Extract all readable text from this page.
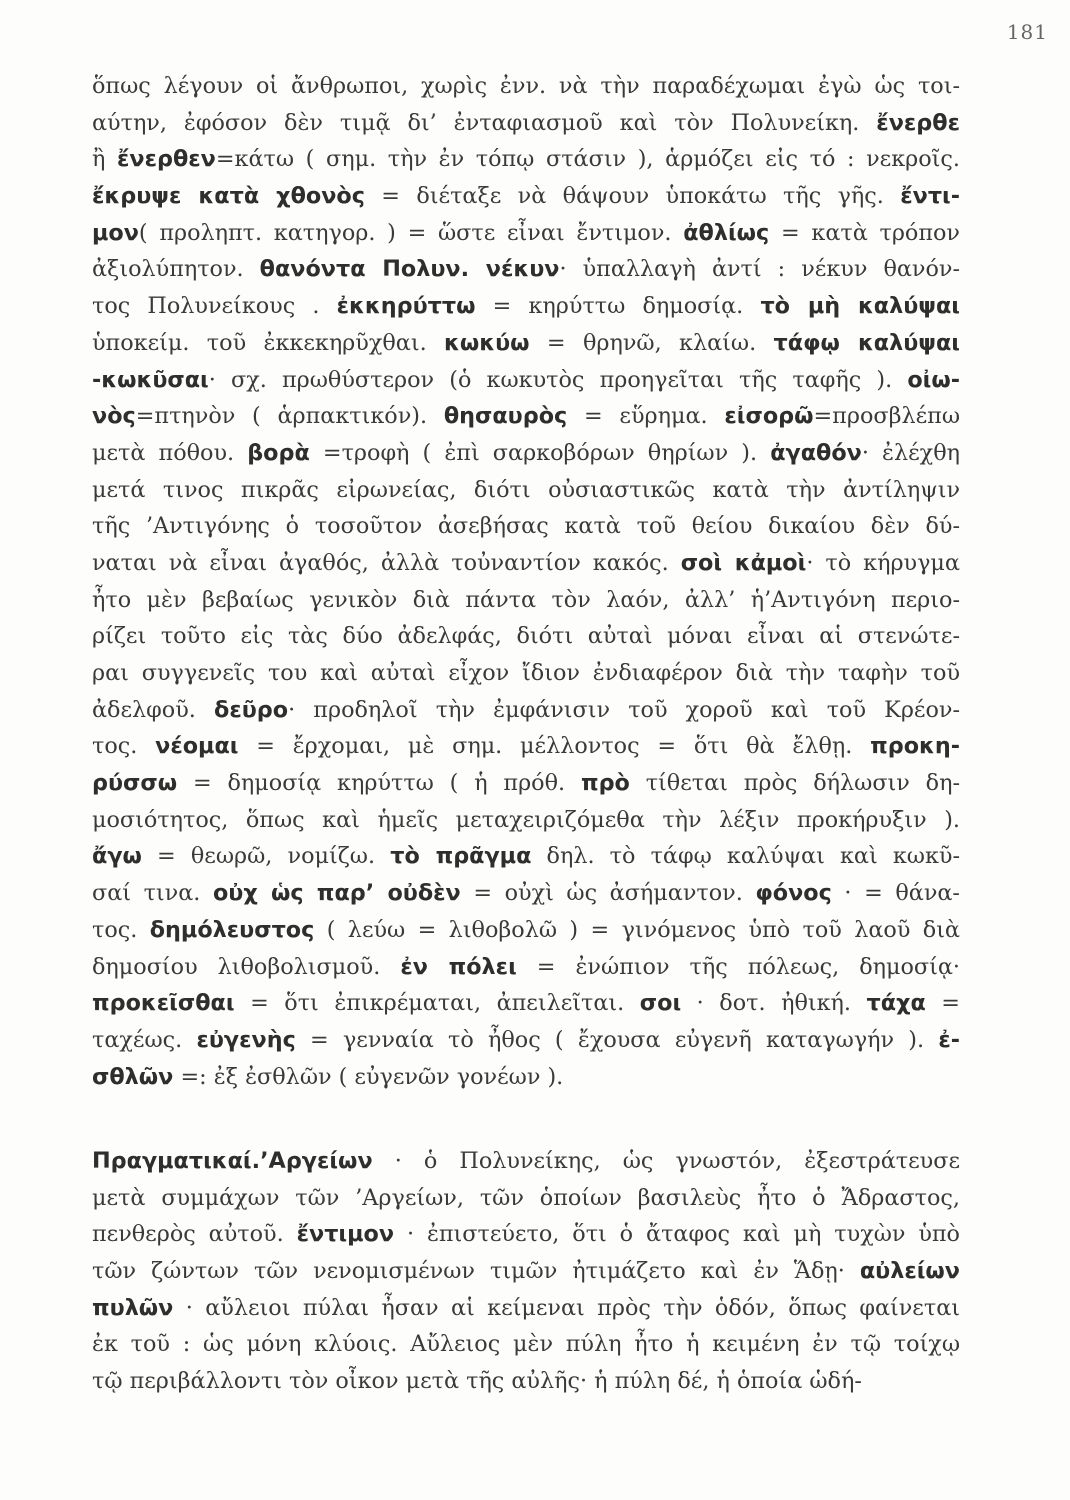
181
ὅπως λέγουν οἱ ἄνθρωποι, χωρὶς ἐνν. νὰ τὴν παραδέχωμαι ἐγὼ ὡς τοι-
αύτην, ἐφόσον δὲν τιμᾷ δι’ ἐνταφιασμοῦ καὶ τὸν Πολυνείκη. ἔνερθε
ἢ ἔνερθεν=κάτω ( σημ. τὴν ἐν τόπῳ στάσιν ), ἁρμόζει εἰς τό : νεκροῖς.
ἔκρυψε κατὰ χθονὸς = διέταξε νὰ θάψουν ὑποκάτω τῆς γῆς. ἔντι-
μον( προληπτ. κατηγορ. ) = ὥστε εἶναι ἔντιμον. ἀθλίως = κατὰ τρόπον
ἀξιολύπητον. θανόντα Πολυν. νέκυν· ὑπαλλαγὴ ἀντί : νέκυν θανόν-
τος Πολυνείκους . ἐκκηρύττω = κηρύττω δημοσίᾳ. τὸ μὴ καλύψαι
ὑποκείμ. τοῦ ἐκκεκηρῦχθαι. κωκύω = θρηνῶ, κλαίω. τάφῳ καλύψαι
-κωκῦσαι· σχ. πρωθύστερον (ὁ κωκυτὸς προηγεῖται τῆς ταφῆς ). οἰω-
νὸς=πτηνὸν ( ἁρπακτικόν). θησαυρὸς = εὕρημα. εἰσορῶ=προσβλέπω
μετὰ πόθου. βορὰ =τροφὴ ( ἐπὶ σαρκοβόρων θηρίων ). ἀγαθόν· ἐλέχθη
μετά τινος πικρᾶς εἰρωνείας, διότι οὐσιαστικῶς κατὰ τὴν ἀντίληψιν
τῆς ’Αντιγόνης ὁ τοσοῦτον ἀσεβήσας κατὰ τοῦ θείου δικαίου δὲν δύ-
ναται νὰ εἶναι ἀγαθός, ἀλλὰ τοὐναντίον κακός. σοὶ κἀμοὶ· τὸ κήρυγμα
ἦτο μὲν βεβαίως γενικὸν διὰ πάντα τὸν λαόν, ἀλλ’ ἡ’Αντιγόνη περιο-
ρίζει τοῦτο εἰς τὰς δύο ἀδελφάς, διότι αὐταὶ μόναι εἶναι αἱ στενώτε-
ραι συγγενεῖς του καὶ αὐταὶ εἶχον ἴδιον ἐνδιαφέρον διὰ τὴν ταφὴν τοῦ
ἀδελφοῦ. δεῦρο· προδηλοῖ τὴν ἐμφάνισιν τοῦ χοροῦ καὶ τοῦ Κρέον-
τος. νέομαι = ἔρχομαι, μὲ σημ. μέλλοντος = ὅτι θὰ ἔλθῃ. προκη-
ρύσσω = δημοσίᾳ κηρύττω ( ἡ πρόθ. πρὸ τίθεται πρὸς δήλωσιν δη-
μοσιότητος, ὅπως καὶ ἡμεῖς μεταχειριζόμεθα τὴν λέξιν προκήρυξιν ).
ἄγω = θεωρῶ, νομίζω. τὸ πρᾶγμα δηλ. τὸ τάφῳ καλύψαι καὶ κωκῦ-
σαί τινα. οὐχ ὡς παρ’ οὐδὲν = οὐχὶ ὡς ἀσήμαντον. φόνος · = θάνα-
τος. δημόλευστος ( λεύω = λιθοβολῶ ) = γινόμενος ὑπὸ τοῦ λαοῦ διὰ
δημοσίου λιθοβολισμοῦ. ἐν πόλει = ἐνώπιον τῆς πόλεως, δημοσίᾳ·
προκεῖσθαι = ὅτι ἐπικρέμαται, ἀπειλεῖται. σοι · δοτ. ἠθική. τάχα =
ταχέως. εὐγενὴς = γενναία τὸ ἦθος ( ἔχουσα εὐγενῆ καταγωγήν ). ἐ-
σθλῶν =: ἐξ ἐσθλῶν ( εὐγενῶν γονέων ).
Πραγματικαί.’Αργείων · ὁ Πολυνείκης, ὡς γνωστόν, ἐξεστράτευσε
μετὰ συμμάχων τῶν ’Αργείων, τῶν ὁποίων βασιλεὺς ἦτο ὁ Ἄδραστος,
πενθερὸς αὐτοῦ. ἔντιμον · ἐπιστεύετο, ὅτι ὁ ἄταφος καὶ μὴ τυχὼν ὑπὸ
τῶν ζώντων τῶν νενομισμένων τιμῶν ἠτιμάζετο καὶ ἐν Ἅδῃ· αὐλείων
πυλῶν · αὔλειοι πύλαι ἦσαν αἱ κείμεναι πρὸς τὴν ὁδόν, ὅπως φαίνεται
ἐκ τοῦ : ὡς μόνη κλύοις. Αὔλειος μὲν πύλη ἦτο ἡ κειμένη ἐν τῷ τοίχῳ
τῷ περιβάλλοντι τὸν οἶκον μετὰ τῆς αὐλῆς· ἡ πύλη δέ, ἡ ὁποία ὡδή-
